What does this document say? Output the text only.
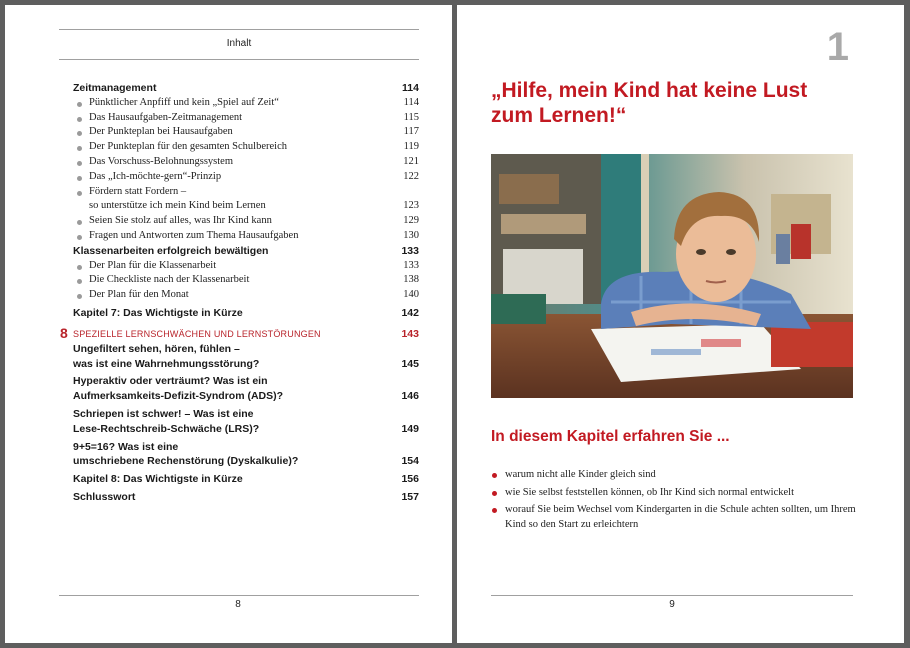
Inhalt
Zeitmanagement	114
Pünktlicher Anpfiff und kein „Spiel auf Zeit“	114
Das Hausaufgaben-Zeitmanagement	115
Der Punkteplan bei Hausaufgaben	117
Der Punkteplan für den gesamten Schulbereich	119
Das Vorschuss-Belohnungssystem	121
Das „Ich-möchte-gern“-Prinzip	122
Fördern statt Fordern –
so unterstütze ich mein Kind beim Lernen	123
Seien Sie stolz auf alles, was Ihr Kind kann	129
Fragen und Antworten zum Thema Hausaufgaben	130
Klassenarbeiten erfolgreich bewältigen	133
Der Plan für die Klassenarbeit	133
Die Checkliste nach der Klassenarbeit	138
Der Plan für den Monat	140
Kapitel 7: Das Wichtigste in Kürze	142
8 SPEZIELLE LERNSCHWÄCHEN UND LERNSTÖRUNGEN	143
Ungefiltert sehen, hören, fühlen –
was ist eine Wahrnehmungsstörung?	145
Hyperaktiv oder verträumt? Was ist ein
Aufmerksamkeits-Defizit-Syndrom (ADS)?	146
Schriepen ist schwer! – Was ist eine
Lese-Rechtschreib-Schwäche (LRS)?	149
9+5=16? Was ist eine
umschriebene Rechenstörung (Dyskalkulie)?	154
Kapitel 8: Das Wichtigste in Kürze	156
Schlusswort	157
8
1
„Hilfe, mein Kind hat keine Lust
zum Lernen!“
In diesem Kapitel erfahren Sie ...
warum nicht alle Kinder gleich sind
wie Sie selbst feststellen können, ob Ihr Kind sich normal entwickelt
worauf Sie beim Wechsel vom Kindergarten in die Schule achten sollten, um Ihrem Kind so den Start zu erleichtern
9
